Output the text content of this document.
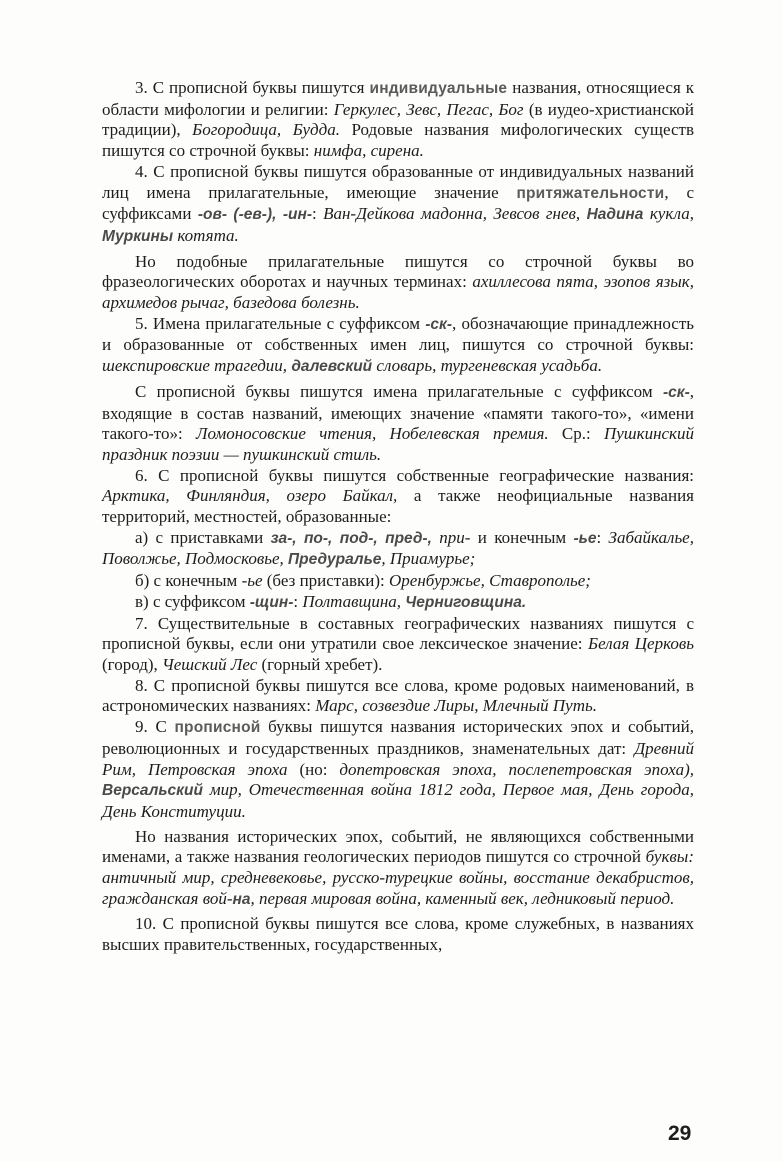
3. С прописной буквы пишутся индивидуальные названия, относящиеся к области мифологии и религии: Геркулес, Зевс, Пегас, Бог (в иудео-христианской традиции), Богородица, Будда. Родовые названия мифологических существ пишутся со строчной буквы: нимфа, сирена.

4. С прописной буквы пишутся образованные от индивидуальных названий лиц имена прилагательные, имеющие значение притяжательности, с суффиксами -ов- (-ев-), -ин-: Ван-Дейкова мадонна, Зевсов гнев, Надина кукла, Муркины котята.

Но подобные прилагательные пишутся со строчной буквы во фразеологических оборотах и научных терминах: ахиллесова пята, эзопов язык, архимедов рычаг, базедова болезнь.

5. Имена прилагательные с суффиксом -ск-, обозначающие принадлежность и образованные от собственных имен лиц, пишутся со строчной буквы: шекспировские трагедии, далевский словарь, тургеневская усадьба.

С прописной буквы пишутся имена прилагательные с суффиксом -ск-, входящие в состав названий, имеющих значение «памяти такого-то», «имени такого-то»: Ломоносовские чтения, Нобелевская премия. Ср.: Пушкинский праздник поэзии — пушкинский стиль.

6. С прописной буквы пишутся собственные географические названия: Арктика, Финляндия, озеро Байкал, а также неофициальные названия территорий, местностей, образованные:

а) с приставками за-, по-, под-, пред-, при- и конечным -ье: Забайкалье, Поволжье, Подмосковье, Предуралье, Приамурье;

б) с конечным -ье (без приставки): Оренбуржье, Ставрополье;

в) с суффиксом -щин-: Полтавщина, Черниговщина.

7. Существительные в составных географических названиях пишутся с прописной буквы, если они утратили свое лексическое значение: Белая Церковь (город), Чешский Лес (горный хребет).

8. С прописной буквы пишутся все слова, кроме родовых наименований, в астрономических названиях: Марс, созвездие Лиры, Млечный Путь.

9. С прописной буквы пишутся названия исторических эпох и событий, революционных и государственных праздников, знаменательных дат: Древний Рим, Петровская эпоха (но: допетровская эпоха, послепетровская эпоха), Версальский мир, Отечественная война 1812 года, Первое мая, День города, День Конституции.

Но названия исторических эпох, событий, не являющихся собственными именами, а также названия геологических периодов пишутся со строчной буквы: античный мир, средневековье, русско-турецкие войны, восстание декабристов, гражданская вой-на, первая мировая война, каменный век, ледниковый период.

10. С прописной буквы пишутся все слова, кроме служебных, в названиях высших правительственных, государственных,

29
